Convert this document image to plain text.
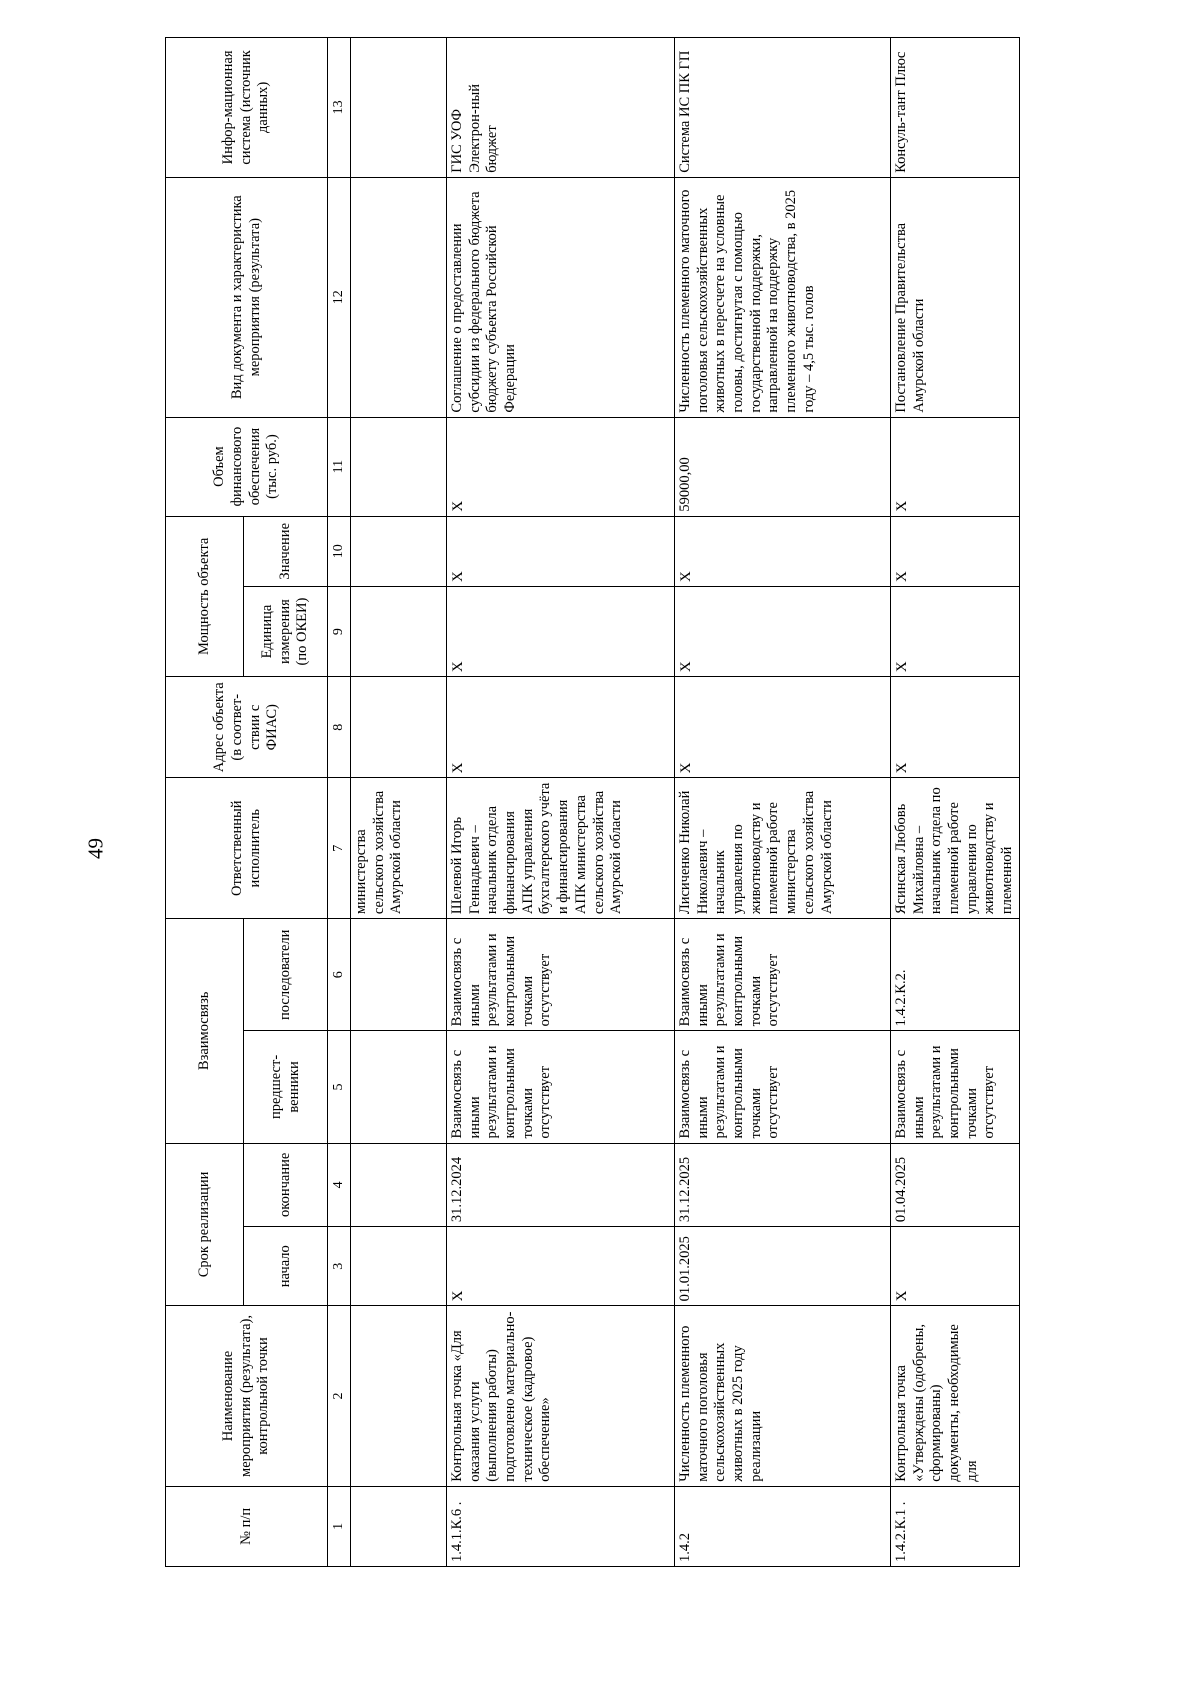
49
№ п/п	Наименование мероприятия (результата), контрольной точки	Срок реализации		Взаимосвязь		Ответственный исполнитель	Адрес объекта (в соответ-ствии с ФИАС)	Мощность объекта		Объем финансового обеспечения (тыс. руб.)	Вид документа и характеристика мероприятия (результата)	Инфор-мационная система (источник данных)
		начало	окончание	предшест-венники	последователи			Единица измерения (по ОКЕИ)	Значение			
1	2	3	4	5	6	7	8	9	10	11	12	13
						министерства сельского хозяйства Амурской области						
1.4.1.К.6 .	Контрольная точка «Для оказания услуги (выполнения работы) подготовлено материально-техническое (кадровое) обеспечение»	X	31.12.2024	Взаимосвязь с иными результатами и контрольными точками отсутствует	Взаимосвязь с иными результатами и контрольными точками отсутствует	Шелевой Игорь Геннадьевич – начальник отдела финансирования АПК управления бухгалтерского учёта и финансирования АПК министерства сельского хозяйства Амурской области	X	X	X	X	Соглашение о предоставлении субсидии из федерального бюджета бюджету субъекта Российской Федерации	ГИС УОФ Электрон-ный бюджет
1.4.2	Численность племенного маточного поголовья сельскохозяйственных животных в 2025 году реализации	01.01.2025	31.12.2025	Взаимосвязь с иными результатами и контрольными точками отсутствует	Взаимосвязь с иными результатами и контрольными точками отсутствует	Лисиченко Николай Николаевич – начальник управления по животноводству и племенной работе министерства сельского хозяйства Амурской области	X	X	X	59000,00	Численность племенного маточного поголовья сельскохозяйственных животных в пересчете на условные головы, достигнутая с помощью государственной поддержки, направленной на поддержку племенного животноводства, в 2025 году – 4,5 тыс. голов	Система ИС ПК ГП
1.4.2.К.1 .	Контрольная точка «Утверждены (одобрены, сформированы) документы, необходимые для	X	01.04.2025	Взаимосвязь с иными результатами и контрольными точками отсутствует	1.4.2.К.2.	Ясинская Любовь Михайловна – начальник отдела по племенной работе управления по животноводству и племенной	X	X	X	X	Постановление Правительства Амурской области	Консуль-тант Плюс
